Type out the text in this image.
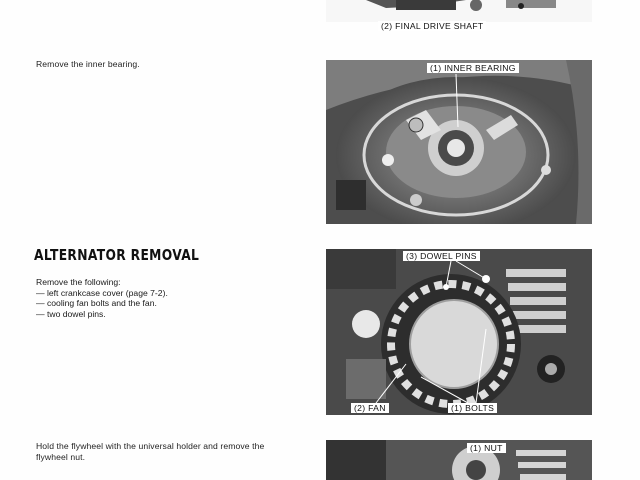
(2) FINAL DRIVE SHAFT
Remove the inner bearing.	(1) INNER BEARING
ALTERNATOR REMOVAL
Remove the following:
— left crankcase cover (page 7-2).
— cooling fan bolts and the fan.
— two dowel pins.
(3) DOWEL PINS
(2) FAN	(1) BOLTS
Hold the flywheel with the universal holder and remove the
flywheel nut.
(1) NUT
